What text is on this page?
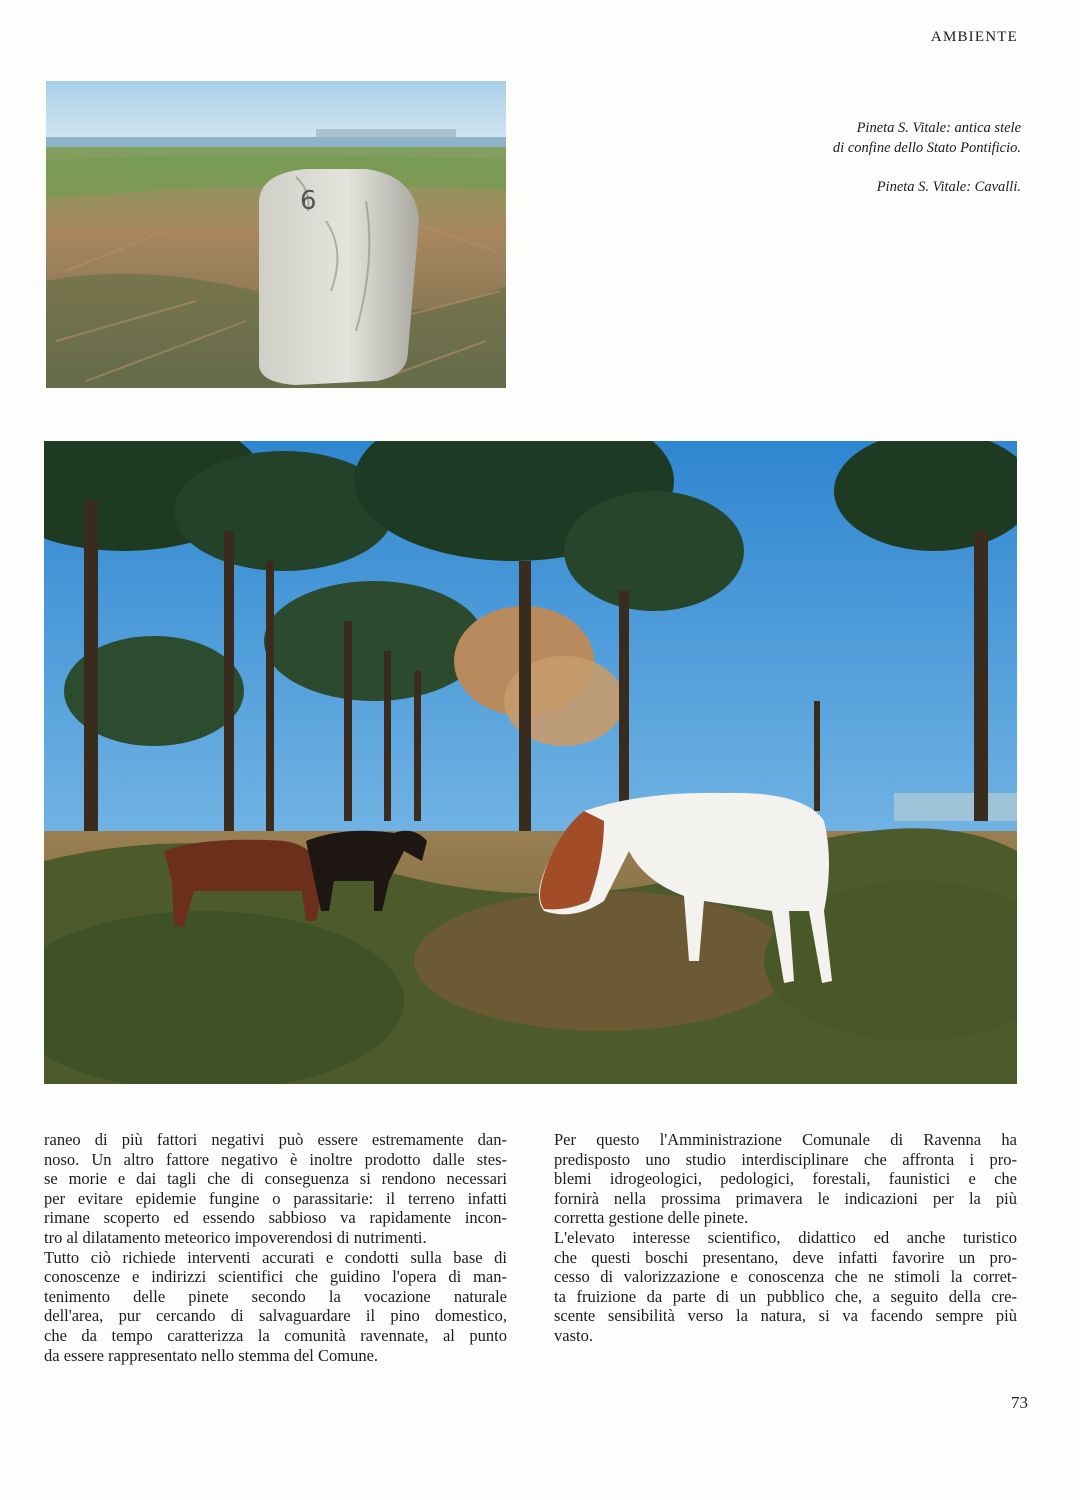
AMBIENTE
6

Pineta S. Vitale: antica stele
di confine dello Stato Pontificio.

Pineta S. Vitale: Cavalli.

raneo di più fattori negativi può essere estremamente dan-
noso. Un altro fattore negativo è inoltre prodotto dalle stes-
se morie e dai tagli che di conseguenza si rendono necessari
per evitare epidemie fungine o parassitarie: il terreno infatti
rimane scoperto ed essendo sabbioso va rapidamente incon-
tro al dilatamento meteorico impoverendosi di nutrimenti.
Tutto ciò richiede interventi accurati e condotti sulla base di
conoscenze e indirizzi scientifici che guidino l'opera di man-
tenimento delle pinete secondo la vocazione naturale
dell'area, pur cercando di salvaguardare il pino domestico,
che da tempo caratterizza la comunità ravennate, al punto
da essere rappresentato nello stemma del Comune.
Per questo l'Amministrazione Comunale di Ravenna ha
predisposto uno studio interdisciplinare che affronta i pro-
blemi idrogeologici, pedologici, forestali, faunistici e che
fornirà nella prossima primavera le indicazioni per la più
corretta gestione delle pinete.
L'elevato interesse scientifico, didattico ed anche turistico
che questi boschi presentano, deve infatti favorire un pro-
cesso di valorizzazione e conoscenza che ne stimoli la corret-
ta fruizione da parte di un pubblico che, a seguito della cre-
scente sensibilità verso la natura, si va facendo sempre più
vasto.
73
